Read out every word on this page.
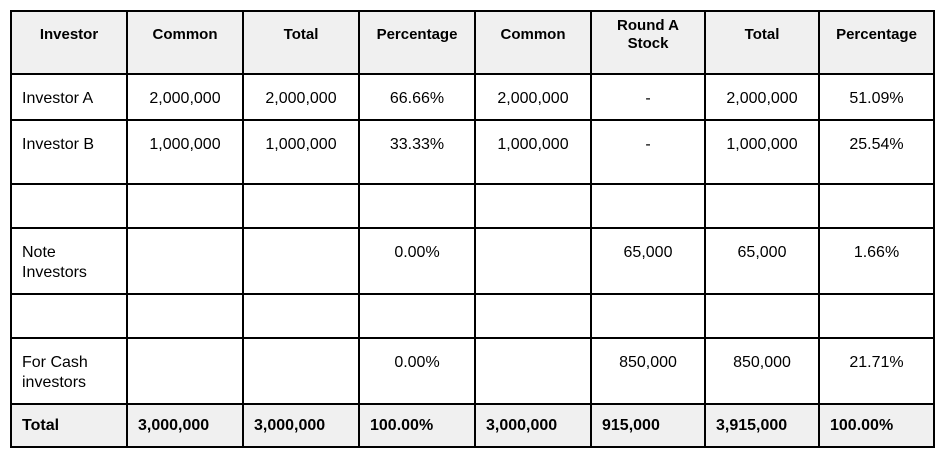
Investor	Common	Total	Percentage	Common	Round A Stock	Total	Percentage

Investor A	2,000,000	2,000,000	66.66%	2,000,000	-	2,000,000	51.09%

Investor B	1,000,000	1,000,000	33.33%	1,000,000	-	1,000,000	25.54%

Note Investors			0.00%		65,000	65,000	1.66%

For Cash investors			0.00%		850,000	850,000	21.71%

Total	3,000,000	3,000,000	100.00%	3,000,000	915,000	3,915,000	100.00%
